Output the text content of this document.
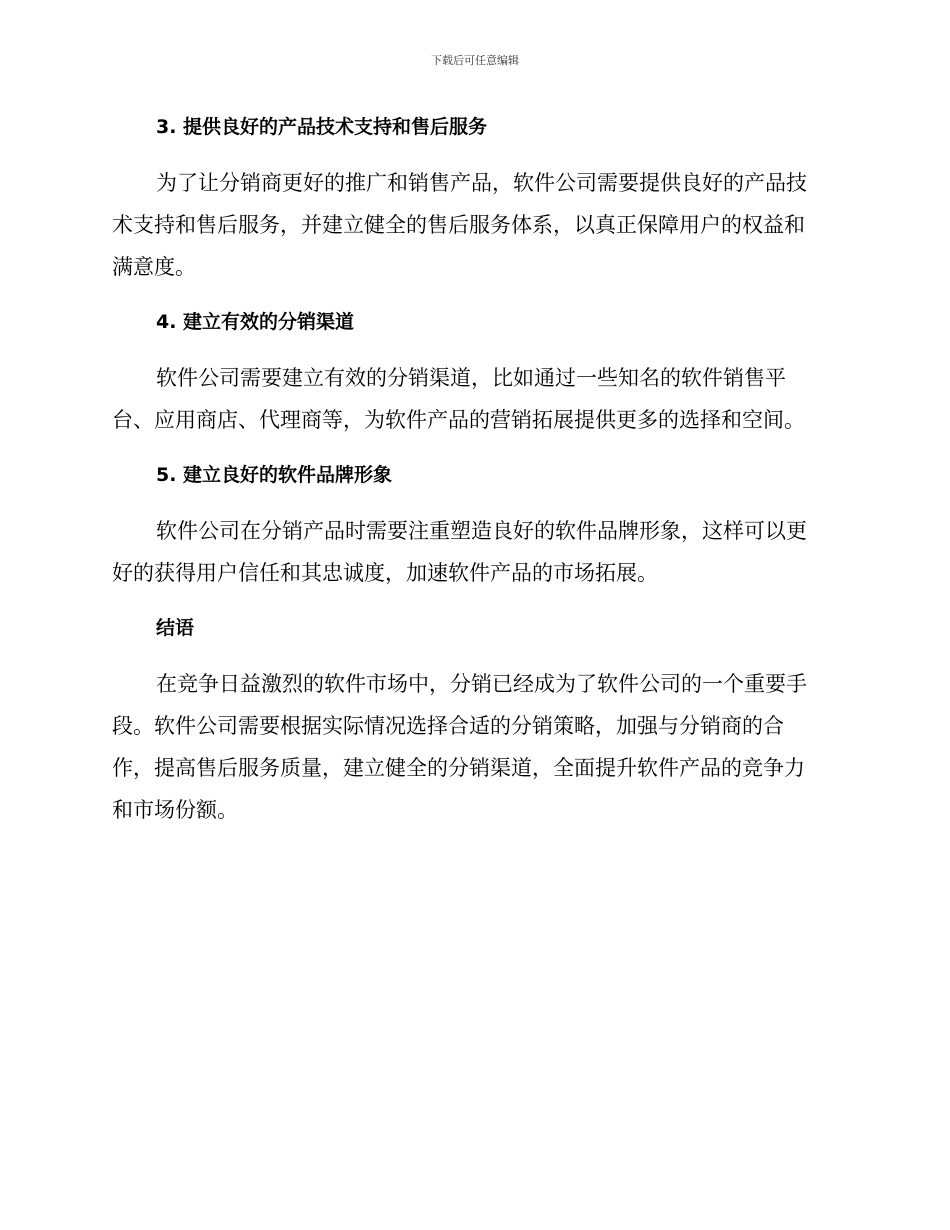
下载后可任意编辑
3. 提供良好的产品技术支持和售后服务

为了让分销商更好的推广和销售产品，软件公司需要提供良好的产品技
术支持和售后服务，并建立健全的售后服务体系，以真正保障用户的权益和
满意度。

4. 建立有效的分销渠道

软件公司需要建立有效的分销渠道，比如通过一些知名的软件销售平
台、应用商店、代理商等，为软件产品的营销拓展提供更多的选择和空间。

5. 建立良好的软件品牌形象

软件公司在分销产品时需要注重塑造良好的软件品牌形象，这样可以更
好的获得用户信任和其忠诚度，加速软件产品的市场拓展。

结语

在竞争日益激烈的软件市场中，分销已经成为了软件公司的一个重要手
段。软件公司需要根据实际情况选择合适的分销策略，加强与分销商的合
作，提高售后服务质量，建立健全的分销渠道，全面提升软件产品的竞争力
和市场份额。
